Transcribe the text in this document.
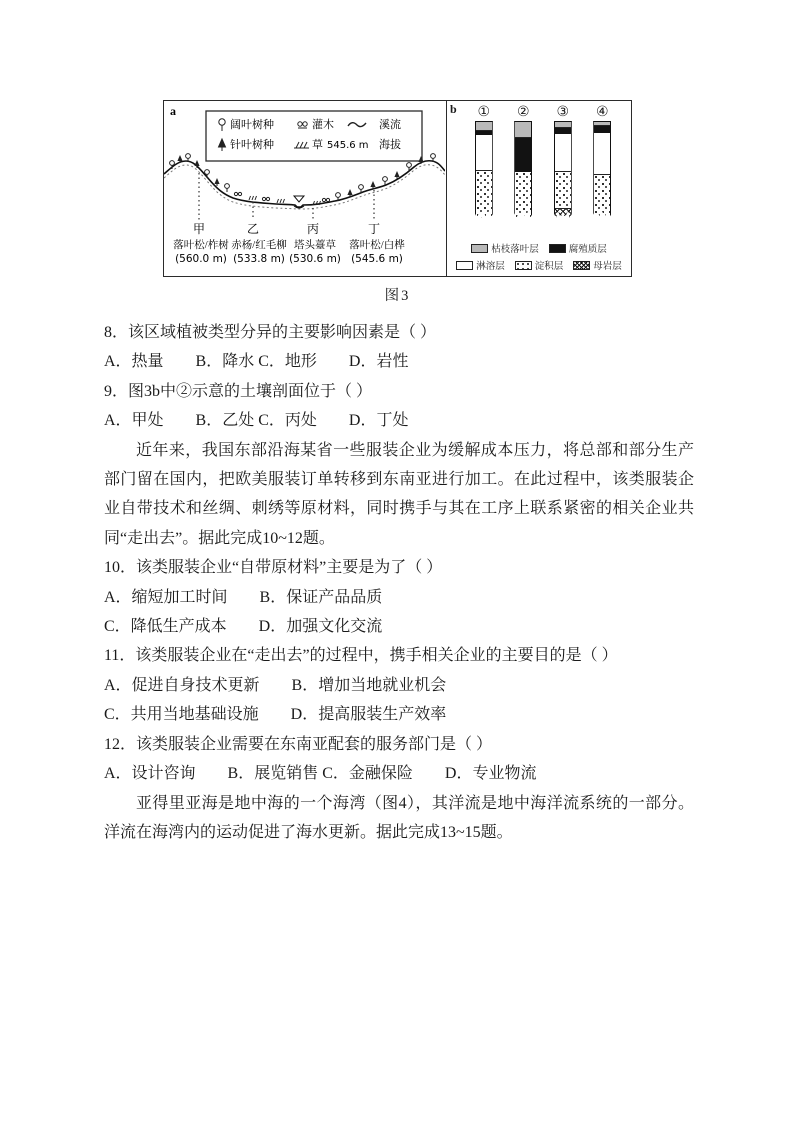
a
阔叶树种	灌木	溪流
针叶树种	草 545.6 m 海拔
甲	乙	丙	丁
落叶松/柞树 赤杨/红毛柳 塔头薹草 落叶松/白桦
(560.0 m) (533.8 m) (530.6 m) (545.6 m)
b ① ② ③ ④
枯枝落叶层	腐殖质层
淋溶层	淀积层	母岩层
图3

8．该区域植被类型分异的主要影响因素是（ ）

A．热量　　B．降水 C．地形　　D．岩性

9．图3b中②示意的土壤剖面位于（ ）

A．甲处　　B．乙处 C．丙处　　D．丁处

近年来，我国东部沿海某省一些服装企业为缓解成本压力，将总部和部分生产部门留在国内，把欧美服装订单转移到东南亚进行加工。在此过程中，该类服装企业自带技术和丝绸、刺绣等原材料，同时携手与其在工序上联系紧密的相关企业共同“走出去”。据此完成10~12题。

10．该类服装企业“自带原材料”主要是为了（ ）

A．缩短加工时间　　B．保证产品品质

C．降低生产成本　　D．加强文化交流

11．该类服装企业在“走出去”的过程中，携手相关企业的主要目的是（ ）

A．促进自身技术更新　　B．增加当地就业机会

C．共用当地基础设施　　D．提高服装生产效率

12．该类服装企业需要在东南亚配套的服务部门是（ ）

A．设计咨询　　B．展览销售 C．金融保险　　D．专业物流

亚得里亚海是地中海的一个海湾（图4），其洋流是地中海洋流系统的一部分。洋流在海湾内的运动促进了海水更新。据此完成13~15题。
